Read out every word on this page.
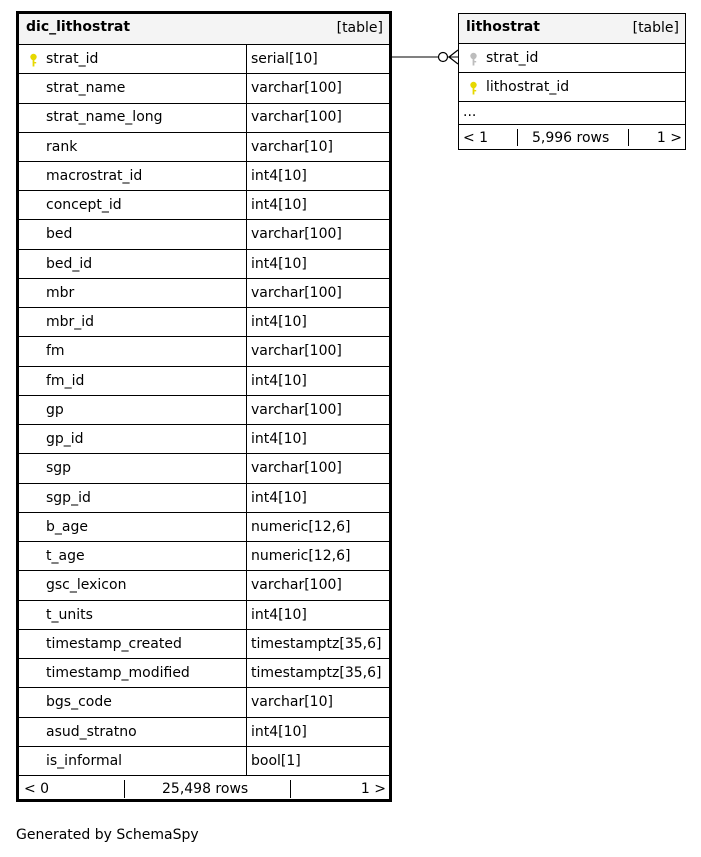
dic_lithostrat	[table]
strat_id	serial[10]
strat_name	varchar[100]
strat_name_long	varchar[100]
rank	varchar[10]
macrostrat_id	int4[10]
concept_id	int4[10]
bed	varchar[100]
bed_id	int4[10]
mbr	varchar[100]
mbr_id	int4[10]
fm	varchar[100]
fm_id	int4[10]
gp	varchar[100]
gp_id	int4[10]
sgp	varchar[100]
sgp_id	int4[10]
b_age	numeric[12,6]
t_age	numeric[12,6]
gsc_lexicon	varchar[100]
t_units	int4[10]
timestamp_created	timestamptz[35,6]
timestamp_modified	timestamptz[35,6]
bgs_code	varchar[10]
asud_stratno	int4[10]
is_informal	bool[1]
< 0	25,498 rows	1 >
lithostrat	[table]
strat_id
lithostrat_id
...
< 1	5,996 rows	1 >
Generated by SchemaSpy
